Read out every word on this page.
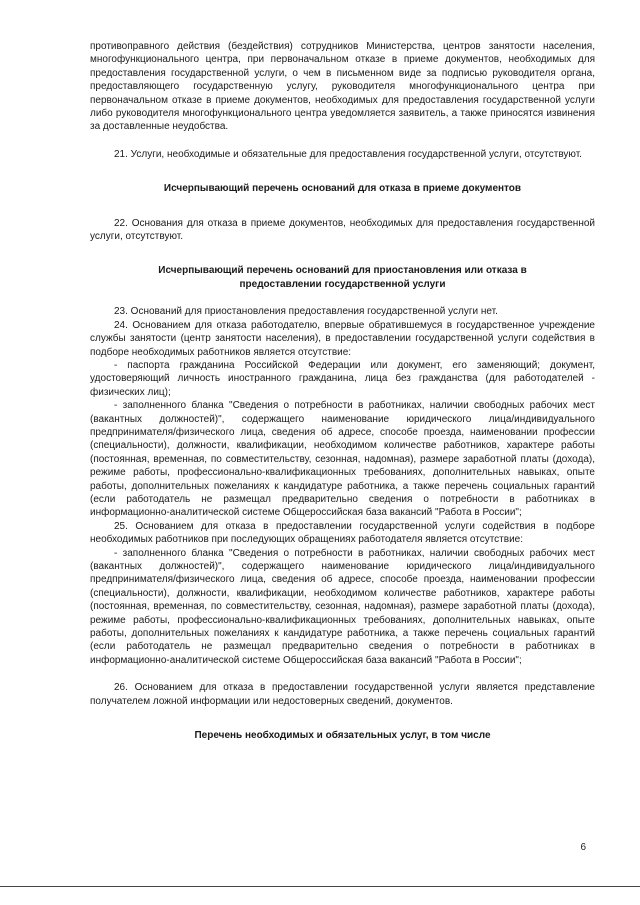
противоправного действия (бездействия) сотрудников Министерства, центров занятости населения, многофункционального центра, при первоначальном отказе в приеме документов, необходимых для предоставления государственной услуги, о чем в письменном виде за подписью руководителя органа, предоставляющего государственную услугу, руководителя многофункционального центра при первоначальном отказе в приеме документов, необходимых для предоставления государственной услуги либо руководителя многофункционального центра уведомляется заявитель, а также приносятся извинения за доставленные неудобства.

21. Услуги, необходимые и обязательные для предоставления государственной услуги, отсутствуют.

Исчерпывающий перечень оснований для отказа в приеме документов

22. Основания для отказа в приеме документов, необходимых для предоставления государственной услуги, отсутствуют.

Исчерпывающий перечень оснований для приостановления или отказа в предоставлении государственной услуги

23. Оснований для приостановления предоставления государственной услуги нет.

24. Основанием для отказа работодателю, впервые обратившемуся в государственное учреждение службы занятости (центр занятости населения), в предоставлении государственной услуги содействия в подборе необходимых работников является отсутствие:

- паспорта гражданина Российской Федерации или документ, его заменяющий; документ, удостоверяющий личность иностранного гражданина, лица без гражданства (для работодателей - физических лиц);

- заполненного бланка "Сведения о потребности в работниках, наличии свободных рабочих мест (вакантных должностей)", содержащего наименование юридического лица/индивидуального предпринимателя/физического лица, сведения об адресе, способе проезда, наименовании профессии (специальности), должности, квалификации, необходимом количестве работников, характере работы (постоянная, временная, по совместительству, сезонная, надомная), размере заработной платы (дохода), режиме работы, профессионально-квалификационных требованиях, дополнительных навыках, опыте работы, дополнительных пожеланиях к кандидатуре работника, а также перечень социальных гарантий (если работодатель не размещал предварительно сведения о потребности в работниках в информационно-аналитической системе Общероссийская база вакансий "Работа в России";

25. Основанием для отказа в предоставлении государственной услуги содействия в подборе необходимых работников при последующих обращениях работодателя является отсутствие:

- заполненного бланка "Сведения о потребности в работниках, наличии свободных рабочих мест (вакантных должностей)", содержащего наименование юридического лица/индивидуального предпринимателя/физического лица, сведения об адресе, способе проезда, наименовании профессии (специальности), должности, квалификации, необходимом количестве работников, характере работы (постоянная, временная, по совместительству, сезонная, надомная), размере заработной платы (дохода), режиме работы, профессионально-квалификационных требованиях, дополнительных навыках, опыте работы, дополнительных пожеланиях к кандидатуре работника, а также перечень социальных гарантий (если работодатель не размещал предварительно сведения о потребности в работниках в информационно-аналитической системе Общероссийская база вакансий "Работа в России";

26. Основанием для отказа в предоставлении государственной услуги является представление получателем ложной информации или недостоверных сведений, документов.

Перечень необходимых и обязательных услуг, в том числе
6
